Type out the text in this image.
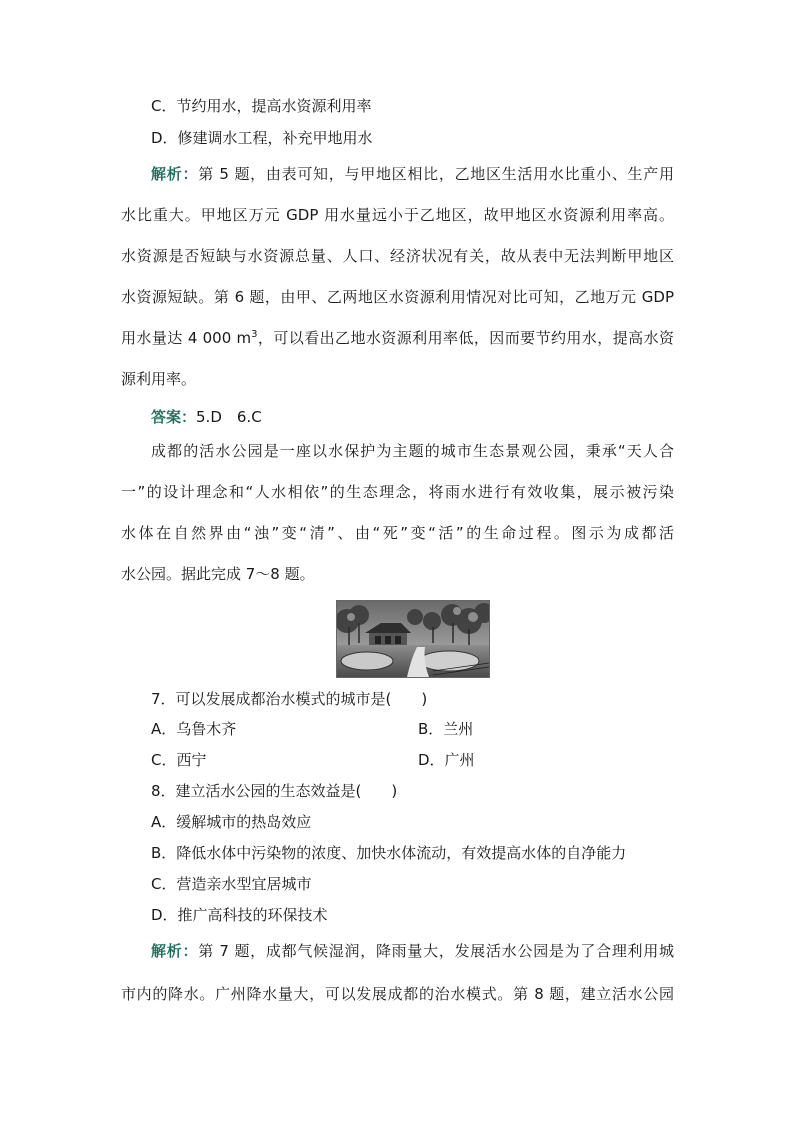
C．节约用水，提高水资源利用率
D．修建调水工程，补充甲地用水
解析：第 5 题，由表可知，与甲地区相比，乙地区生活用水比重小、生产用
水比重大。甲地区万元 GDP 用水量远小于乙地区，故甲地区水资源利用率高。
水资源是否短缺与水资源总量、人口、经济状况有关，故从表中无法判断甲地区
水资源短缺。第 6 题，由甲、乙两地区水资源利用情况对比可知，乙地万元 GDP
用水量达 4 000 $m^3$，可以看出乙地水资源利用率低，因而要节约用水，提高水资
源利用率。
答案：5.D　6.C
成都的活水公园是一座以水保护为主题的城市生态景观公园，秉承“天人合
一”的设计理念和“人水相依”的生态理念，将雨水进行有效收集，展示被污染
水体在自然界由“浊”变“清”、由“死”变“活”的生命过程。图示为成都活
水公园。据此完成 7～8 题。
7．可以发展成都治水模式的城市是(　　)
A．乌鲁木齐	B．兰州
C．西宁	D．广州
8．建立活水公园的生态效益是(　　)
A．缓解城市的热岛效应
B．降低水体中污染物的浓度、加快水体流动，有效提高水体的自净能力
C．营造亲水型宜居城市
D．推广高科技的环保技术
解析：第 7 题，成都气候湿润，降雨量大，发展活水公园是为了合理利用城
市内的降水。广州降水量大，可以发展成都的治水模式。第 8 题，建立活水公园
